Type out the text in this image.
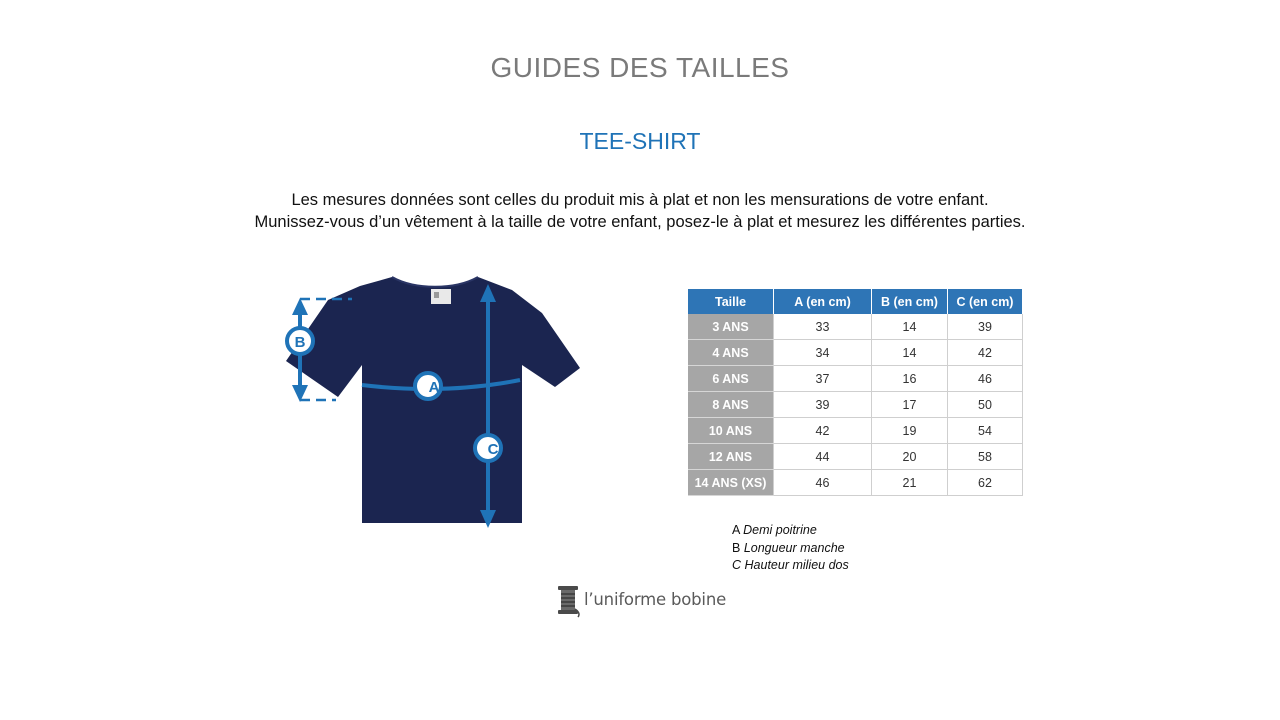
GUIDES DES TAILLES
TEE-SHIRT
Les mesures données sont celles du produit mis à plat et non les mensurations de votre enfant.
Munissez-vous d’un vêtement à la taille de votre enfant, posez-le à plat et mesurez les différentes parties.
B
A
C
Taille	A (en cm)	B (en cm)	C (en cm)
3 ANS	33	14	39
4 ANS	34	14	42
6 ANS	37	16	46
8 ANS	39	17	50
10 ANS	42	19	54
12 ANS	44	20	58
14 ANS (XS)	46	21	62
A Demi poitrine
B Longueur manche
C Hauteur milieu dos
l’uniforme bobine
